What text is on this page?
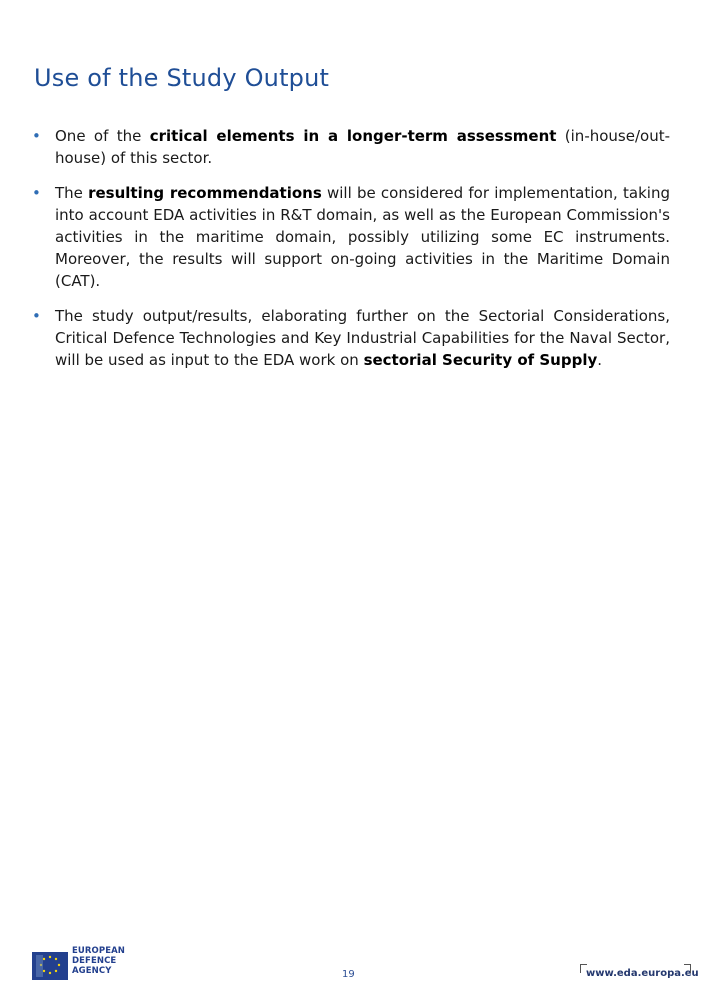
Use of the Study Output
• One of the critical elements in a longer-term assessment (in-house/out-house) of this sector.
• The resulting recommendations will be considered for implementation, taking into account EDA activities in R&T domain, as well as the European Commission's activities in the maritime domain, possibly utilizing some EC instruments. Moreover, the results will support on-going activities in the Maritime Domain (CAT).
• The study output/results, elaborating further on the Sectorial Considerations, Critical Defence Technologies and Key Industrial Capabilities for the Naval Sector, will be used as input to the EDA work on sectorial Security of Supply.
EUROPEAN
DEFENCE
AGENCY	19	www.eda.europa.eu
